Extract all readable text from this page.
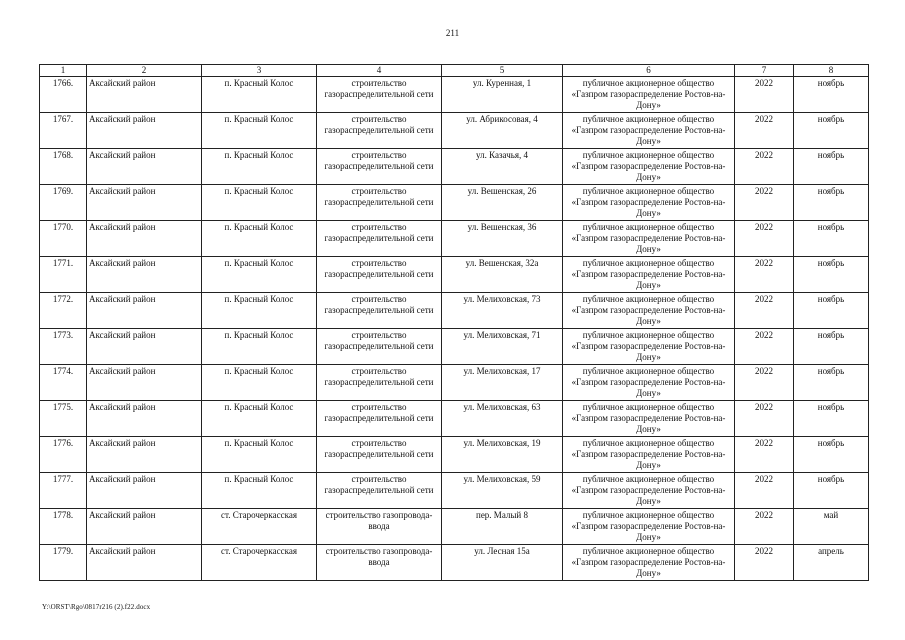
211
1	2	3	4	5	6	7	8
1766.	Аксайский район	п. Красный Колос	строительство газораспределительной сети	ул. Куренная, 1	публичное акционерное общество «Газпром газораспределение Ростов-на-Дону»	2022	ноябрь
1767.	Аксайский район	п. Красный Колос	строительство газораспределительной сети	ул. Абрикосовая, 4	публичное акционерное общество «Газпром газораспределение Ростов-на-Дону»	2022	ноябрь
1768.	Аксайский район	п. Красный Колос	строительство газораспределительной сети	ул. Казачья, 4	публичное акционерное общество «Газпром газораспределение Ростов-на-Дону»	2022	ноябрь
1769.	Аксайский район	п. Красный Колос	строительство газораспределительной сети	ул. Вешенская, 26	публичное акционерное общество «Газпром газораспределение Ростов-на-Дону»	2022	ноябрь
1770.	Аксайский район	п. Красный Колос	строительство газораспределительной сети	ул. Вешенская, 36	публичное акционерное общество «Газпром газораспределение Ростов-на-Дону»	2022	ноябрь
1771.	Аксайский район	п. Красный Колос	строительство газораспределительной сети	ул. Вешенская, 32а	публичное акционерное общество «Газпром газораспределение Ростов-на-Дону»	2022	ноябрь
1772.	Аксайский район	п. Красный Колос	строительство газораспределительной сети	ул. Мелиховская, 73	публичное акционерное общество «Газпром газораспределение Ростов-на-Дону»	2022	ноябрь
1773.	Аксайский район	п. Красный Колос	строительство газораспределительной сети	ул. Мелиховская, 71	публичное акционерное общество «Газпром газораспределение Ростов-на-Дону»	2022	ноябрь
1774.	Аксайский район	п. Красный Колос	строительство газораспределительной сети	ул. Мелиховская, 17	публичное акционерное общество «Газпром газораспределение Ростов-на-Дону»	2022	ноябрь
1775.	Аксайский район	п. Красный Колос	строительство газораспределительной сети	ул. Мелиховская, 63	публичное акционерное общество «Газпром газораспределение Ростов-на-Дону»	2022	ноябрь
1776.	Аксайский район	п. Красный Колос	строительство газораспределительной сети	ул. Мелиховская, 19	публичное акционерное общество «Газпром газораспределение Ростов-на-Дону»	2022	ноябрь
1777.	Аксайский район	п. Красный Колос	строительство газораспределительной сети	ул. Мелиховская, 59	публичное акционерное общество «Газпром газораспределение Ростов-на-Дону»	2022	ноябрь
1778.	Аксайский район	ст. Старочеркасская	строительство газопровода-ввода	пер. Малый 8	публичное акционерное общество «Газпром газораспределение Ростов-на-Дону»	2022	май
1779.	Аксайский район	ст. Старочеркасская	строительство газопровода-ввода	ул. Лесная 15а	публичное акционерное общество «Газпром газораспределение Ростов-на-Дону»	2022	апрель
Y:\ORST\Rgo\0817r216 (2).f22.docx
